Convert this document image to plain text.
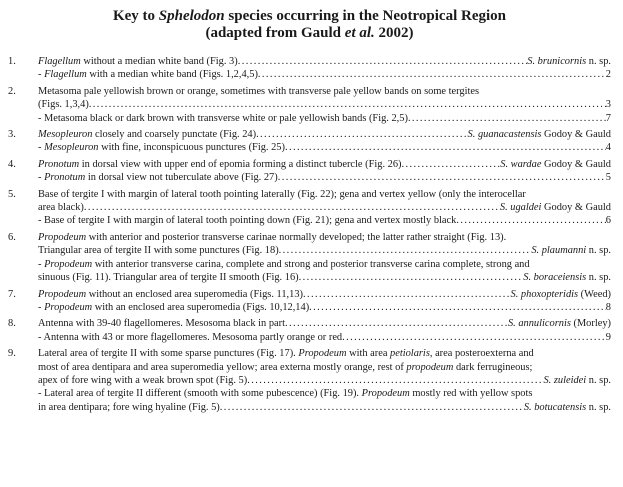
Key to Sphelodon species occurring in the Neotropical Region
(adapted from Gauld et al. 2002)
1.	Flagellum without a median white band (Fig. 3) . . .	S. brunicornis n. sp.
- Flagellum with a median white band (Figs. 1,2,4,5) . . .	2
2.	Metasoma pale yellowish brown or orange, sometimes with transverse pale yellow bands on some tergites
(Figs. 1,3,4) . . .	3
- Metasoma black or dark brown with transverse white or pale yellowish bands (Fig. 2,5) . . .	7
3.	Mesopleuron closely and coarsely punctate (Fig. 24) . . .	S. guanacastensis Godoy & Gauld
- Mesopleuron with fine, inconspicuous punctures (Fig. 25) . . .	4
4.	Pronotum in dorsal view with upper end of epomia forming a distinct tubercle (Fig. 26) . . .	S. wardae Godoy & Gauld
- Pronotum in dorsal view not tuberculate above (Fig. 27) . . .	5
5.	Base of tergite I with margin of lateral tooth pointing laterally (Fig. 22); gena and vertex yellow (only the interocellar
area black) . . .	S. ugaldei Godoy & Gauld
- Base of tergite I with margin of lateral tooth pointing down (Fig. 21); gena and vertex mostly black . . .	6
6.	Propodeum with anterior and posterior transverse carinae normally developed; the latter rather straight (Fig. 13).
Triangular area of tergite II with some punctures (Fig. 18) . . .	S. plaumanni n. sp.
- Propodeum with anterior transverse carina, complete and strong and posterior transverse carina complete, strong and
sinuous (Fig. 11). Triangular area of tergite II smooth (Fig. 16) . . .	S. boraceiensis n. sp.
7.	Propodeum without an enclosed area superomedia (Figs. 11,13) . . .	S. phoxopteridis (Weed)
- Propodeum with an enclosed area superomedia (Figs. 10,12,14) . . .	8
8.	Antenna with 39-40 flagellomeres. Mesosoma black in part . . .	S. annulicornis (Morley)
- Antenna with 43 or more flagellomeres. Mesosoma partly orange or red . . .	9
9.	Lateral area of tergite II with some sparse punctures (Fig. 17). Propodeum with area petiolaris, area posteroexterna and
most of area dentipara and area superomedia yellow; area externa mostly orange, rest of propodeum dark ferrugineous;
apex of fore wing with a weak brown spot (Fig. 5) . . .	S. zuleidei n. sp.
- Lateral area of tergite II different (smooth with some pubescence) (Fig. 19). Propodeum mostly red with yellow spots
in area dentipara; fore wing hyaline (Fig. 5) . . .	S. botucatensis n. sp.
